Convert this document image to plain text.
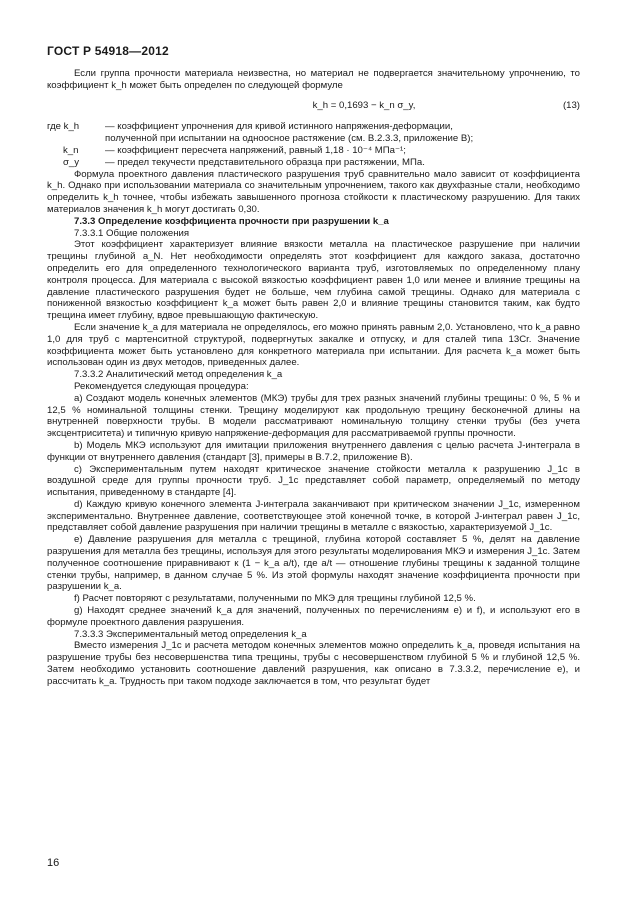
ГОСТ Р 54918—2012

Если группа прочности материала неизвестна, но материал не подвергается значительному упрочнению, то коэффициент k_h может быть определен по следующей формуле

k_h = 0,1693 − k_n σ_y,	(13)
где k_h	— коэффициент упрочнения для кривой истинного напряжения-деформации,
полученной при испытании на одноосное растяжение (см. В.2.3.3, приложение В);
k_n	— коэффициент пересчета напряжений, равный 1,18 · 10⁻⁴ МПа⁻¹;
σ_y	— предел текучести представительного образца при растяжении, МПа.

Формула проектного давления пластического разрушения труб сравнительно мало зависит от коэффициента k_h. Однако при использовании материала со значительным упрочнением, такого как двухфазные стали, необходимо определить k_h точнее, чтобы избежать завышенного прогноза стойкости к пластическому разрушению. Для таких материалов значения k_h могут достигать 0,30.

7.3.3 Определение коэффициента прочности при разрушении k_a

7.3.3.1 Общие положения

Этот коэффициент характеризует влияние вязкости металла на пластическое разрушение при наличии трещины глубиной a_N. Нет необходимости определять этот коэффициент для каждого заказа, достаточно определить его для определенного технологического варианта труб, изготовляемых по определенному плану контроля процесса. Для материала с высокой вязкостью коэффициент равен 1,0 или менее и влияние трещины на давление пластического разрушения будет не больше, чем глубина самой трещины. Однако для материала с пониженной вязкостью коэффициент k_a может быть равен 2,0 и влияние трещины становится таким, как будто трещина имеет глубину, вдвое превышающую фактическую.

Если значение k_a для материала не определялось, его можно принять равным 2,0. Установлено, что k_a равно 1,0 для труб с мартенситной структурой, подвергнутых закалке и отпуску, и для сталей типа 13Cr. Значение коэффициента может быть установлено для конкретного материала при испытании. Для расчета k_a может быть использован один из двух методов, приведенных далее.

7.3.3.2 Аналитический метод определения k_a

Рекомендуется следующая процедура:

a) Создают модель конечных элементов (МКЭ) трубы для трех разных значений глубины трещины: 0 %, 5 % и 12,5 % номинальной толщины стенки. Трещину моделируют как продольную трещину бесконечной длины на внутренней поверхности трубы. В модели рассматривают номинальную толщину стенки трубы (без учета эксцентриситета) и типичную кривую напряжение-деформация для рассматриваемой группы прочности.

b) Модель МКЭ используют для имитации приложения внутреннего давления с целью расчета J-интеграла в функции от внутреннего давления (стандарт [3], примеры в В.7.2, приложение В).

c) Экспериментальным путем находят критическое значение стойкости металла к разрушению J_1c в воздушной среде для группы прочности труб. J_1c представляет собой параметр, определяемый по методу испытания, приведенному в стандарте [4].

d) Каждую кривую конечного элемента J-интеграла заканчивают при критическом значении J_1c, измеренном экспериментально. Внутреннее давление, соответствующее этой конечной точке, в которой J-интеграл равен J_1c, представляет собой давление разрушения при наличии трещины в металле с вязкостью, характеризуемой J_1c.

e) Давление разрушения для металла с трещиной, глубина которой составляет 5 %, делят на давление разрушения для металла без трещины, используя для этого результаты моделирования МКЭ и измерения J_1c. Затем полученное соотношение приравнивают к (1 − k_a a/t), где a/t — отношение глубины трещины к заданной толщине стенки трубы, например, в данном случае 5 %. Из этой формулы находят значение коэффициента прочности при разрушении k_a.

f) Расчет повторяют с результатами, полученными по МКЭ для трещины глубиной 12,5 %.

g) Находят среднее значений k_a для значений, полученных по перечислениям e) и f), и используют его в формуле проектного давления разрушения.

7.3.3.3 Экспериментальный метод определения k_a

Вместо измерения J_1c и расчета методом конечных элементов можно определить k_a, проведя испытания на разрушение трубы без несовершенства типа трещины, трубы с несовершенством глубиной 5 % и глубиной 12,5 %. Затем необходимо установить соотношение давлений разрушения, как описано в 7.3.3.2, перечисление e), и рассчитать k_a. Трудность при таком подходе заключается в том, что результат будет

16
